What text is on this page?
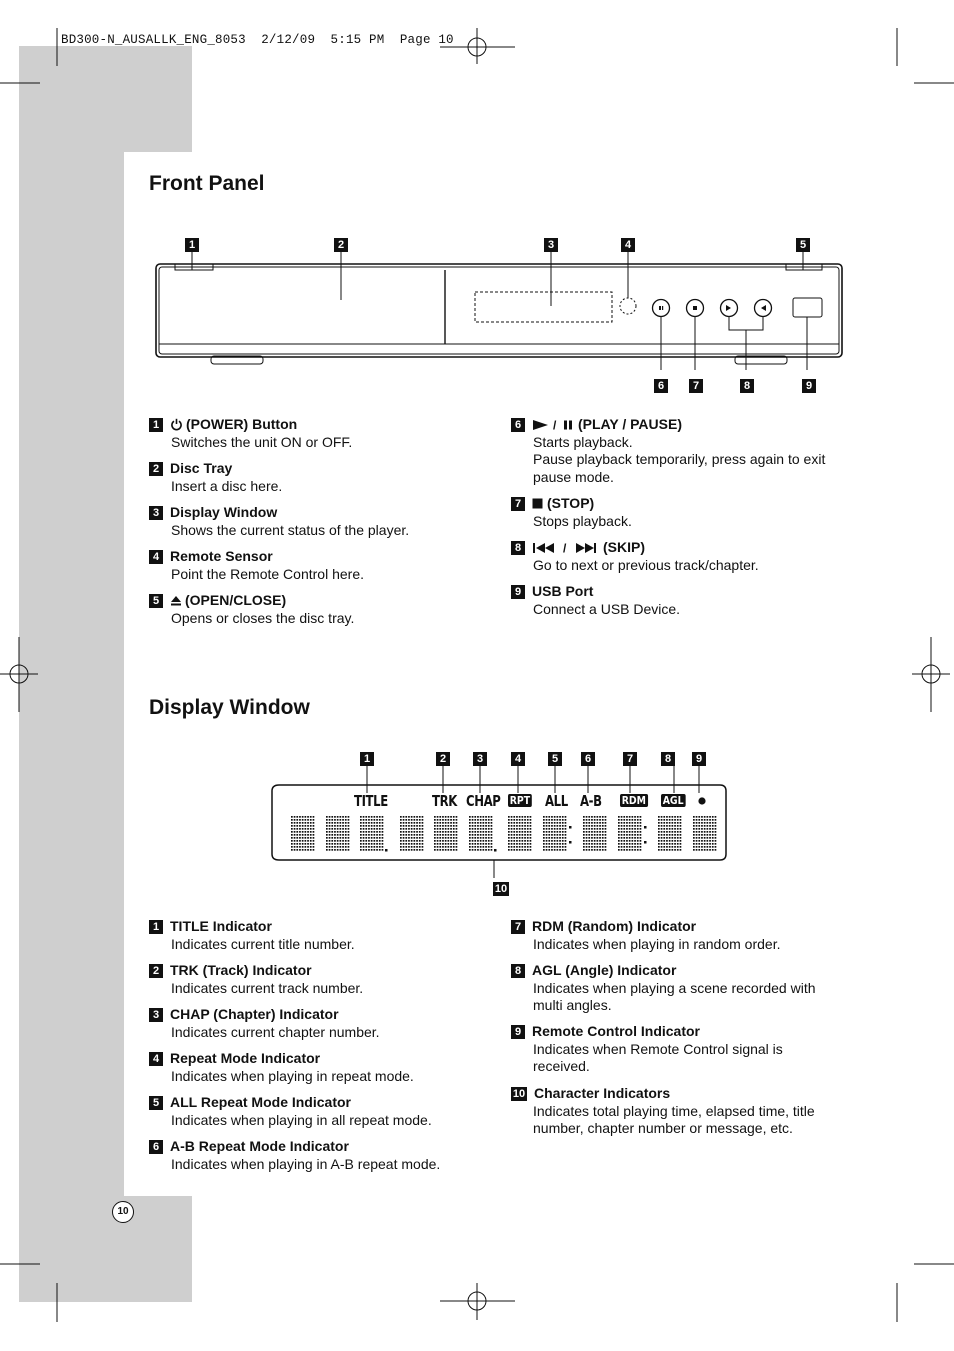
BD300-N_AUSALLK_ENG_8053  2/12/09  5:15 PM  Page 10
Front Panel
1	2	3	4	5
6	7	8	9
1 (POWER) Button
Switches the unit ON or OFF.
2 Disc Tray
Insert a disc here.
3 Display Window
Shows the current status of the player.
4 Remote Sensor
Point the Remote Control here.
5 (OPEN/CLOSE)
Opens or closes the disc tray.
6	/ (PLAY / PAUSE)
Starts playback.
Pause playback temporarily, press again to exit pause mode.
7 (STOP)
Stops playback.
8	/	(SKIP)
Go to next or previous track/chapter.
9 USB Port
Connect a USB Device.
Display Window
1	2	3	4	5	6	7	8	9
TITLE	TRK CHAP RPT ALL A-B RDM AGL
10
1 TITLE Indicator
Indicates current title number.
2 TRK (Track) Indicator
Indicates current track number.
3 CHAP (Chapter) Indicator
Indicates current chapter number.
4 Repeat Mode Indicator
Indicates when playing in repeat mode.
5 ALL Repeat Mode Indicator
Indicates when playing in all repeat mode.
6 A-B Repeat Mode Indicator
Indicates when playing in A-B repeat mode.
7 RDM (Random) Indicator
Indicates when playing in random order.
8 AGL (Angle) Indicator
Indicates when playing a scene recorded with multi angles.
9 Remote Control Indicator
Indicates when Remote Control signal is received.
10 Character Indicators
Indicates total playing time, elapsed time, title number, chapter number or message, etc.
10
